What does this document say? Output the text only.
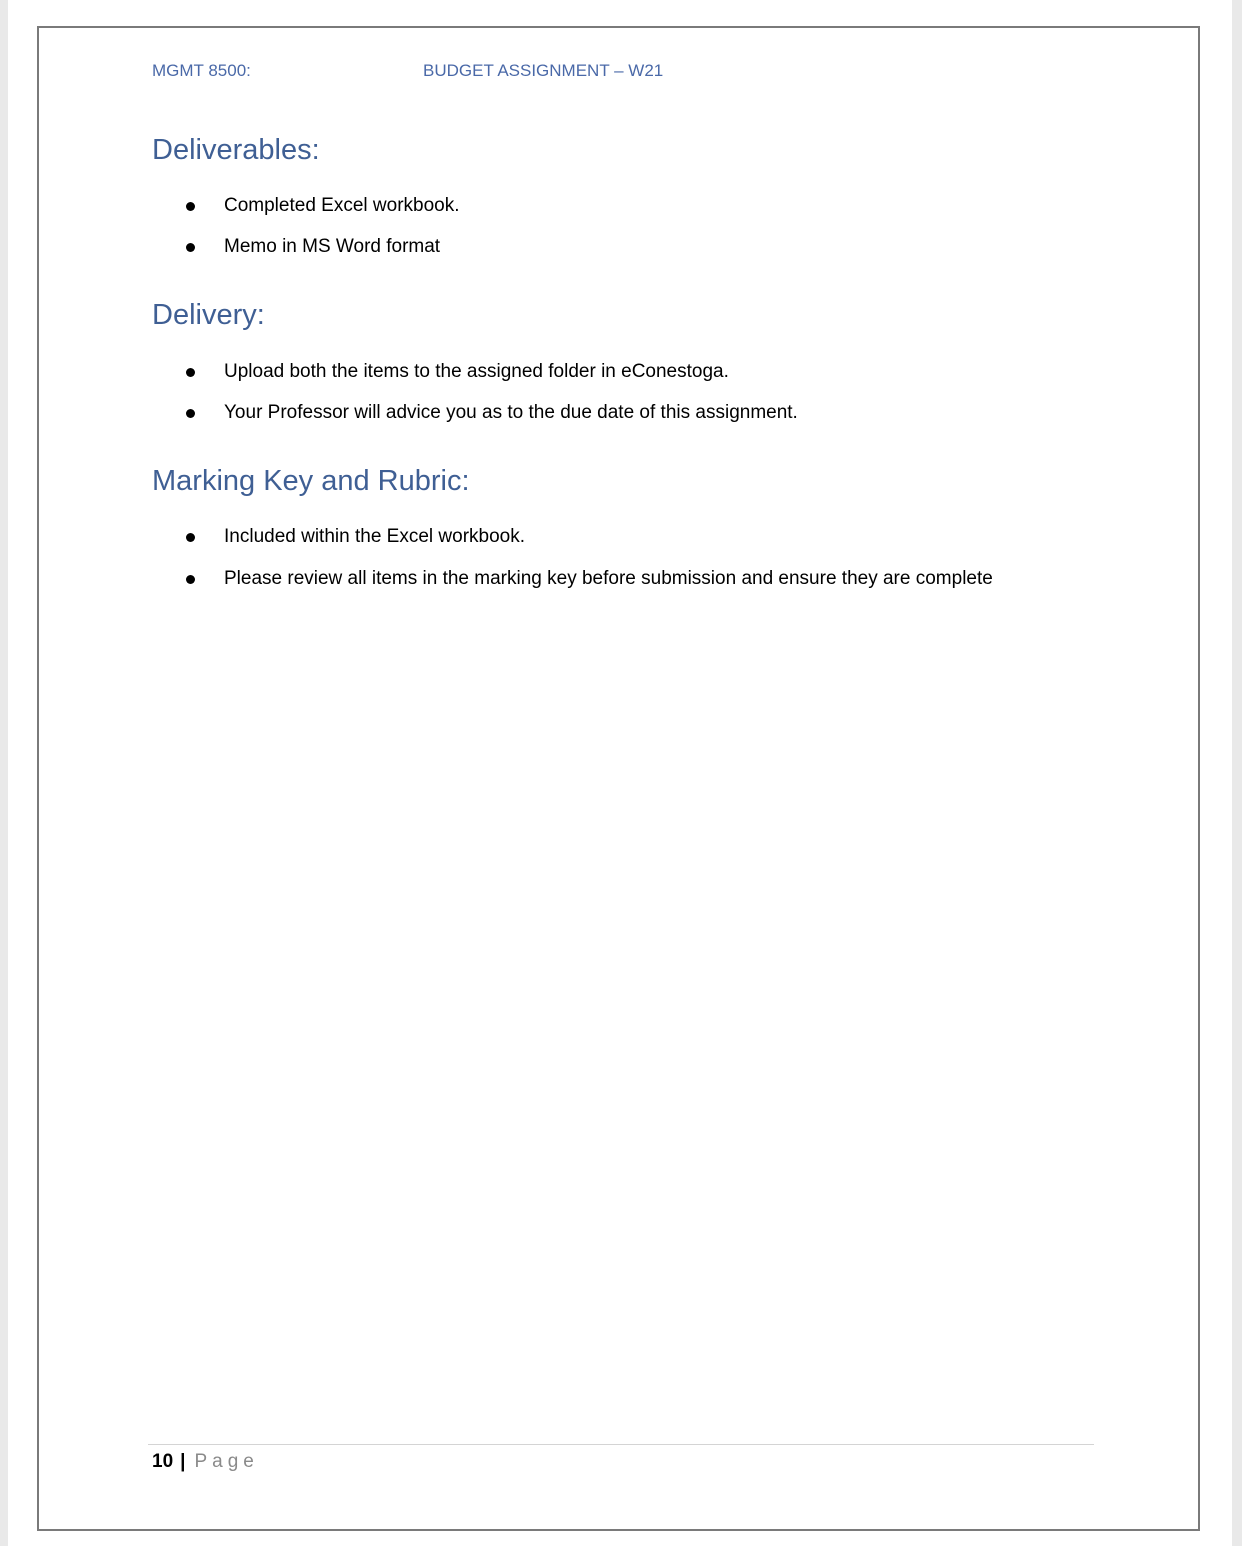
MGMT 8500:	BUDGET ASSIGNMENT – W21
Deliverables:
Completed Excel workbook.
Memo in MS Word format
Delivery:
Upload both the items to the assigned folder in eConestoga.
Your Professor will advice you as to the due date of this assignment.
Marking Key and Rubric:
Included within the Excel workbook.
Please review all items in the marking key before submission and ensure they are complete
10 | Page
